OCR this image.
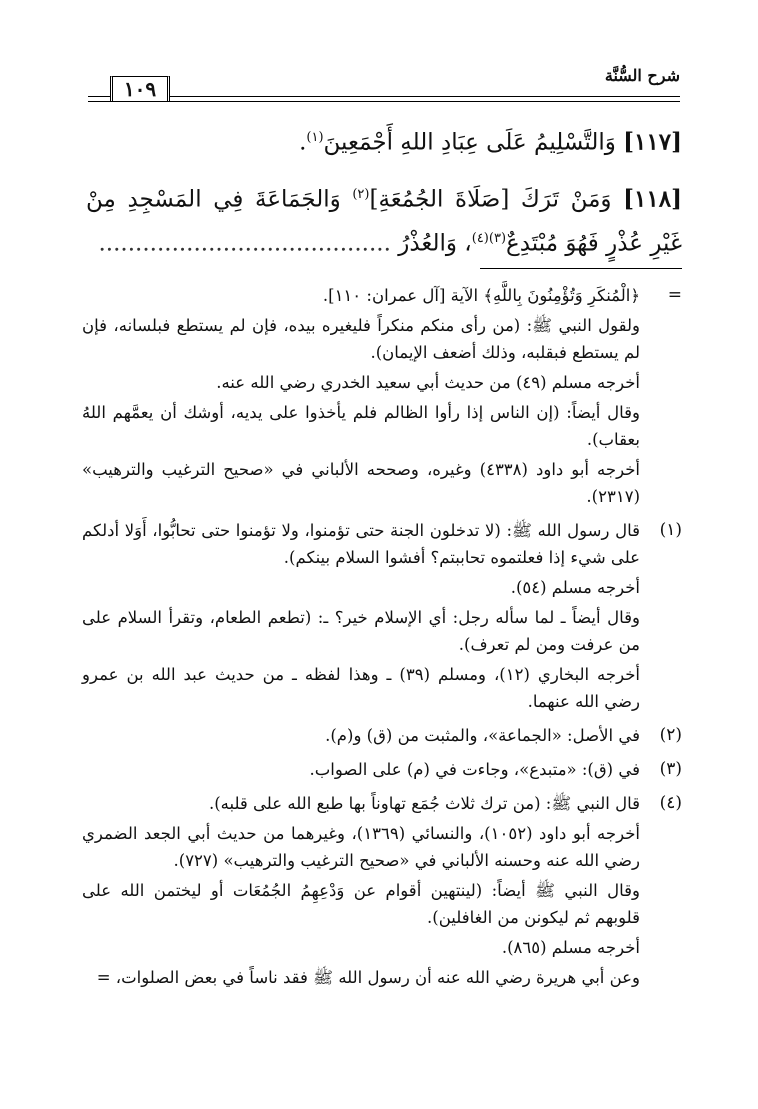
شرح السُّنَّة
١٠٩

[١١٧] وَالتَّسْلِيمُ عَلَى عِبَادِ اللهِ أَجْمَعِينَ$^{(١)}$.

[١١٨] وَمَنْ تَرَكَ [صَلَاةَ الجُمُعَةِ]$^{(٢)}$ وَالجَمَاعَةَ فِي المَسْجِدِ مِنْ غَيْرِ عُذْرٍ فَهُوَ مُبْتَدِعٌ$^{(٣)(٤)}$، وَالعُذْرُ ........................................

=

﴿الْمُنكَرِ وَتُؤْمِنُونَ بِاللَّهِ﴾ الآية [آل عمران: ١١٠].

ولقول النبي ﷺ: (من رأى منكم منكراً فليغيره بيده، فإن لم يستطع فبلسانه، فإن لم يستطع فبقلبه، وذلك أضعف الإيمان).

أخرجه مسلم (٤٩) من حديث أبي سعيد الخدري رضي الله عنه.

وقال أيضاً: (إن الناس إذا رأوا الظالم فلم يأخذوا على يديه، أوشك أن يعمَّهم اللهُ بعقاب).

أخرجه أبو داود (٤٣٣٨) وغيره، وصححه الألباني في «صحيح الترغيب والترهيب» (٢٣١٧).

(١)

قال رسول الله ﷺ: (لا تدخلون الجنة حتى تؤمنوا، ولا تؤمنوا حتى تحابُّوا، أَوَلا أدلكم على شيء إذا فعلتموه تحاببتم؟ أفشوا السلام بينكم).

أخرجه مسلم (٥٤).

وقال أيضاً ـ لما سأله رجل: أي الإسلام خير؟ ـ: (تطعم الطعام، وتقرأ السلام على من عرفت ومن لم تعرف).

أخرجه البخاري (١٢)، ومسلم (٣٩) ـ وهذا لفظه ـ من حديث عبد الله بن عمرو رضي الله عنهما.

(٢)

في الأصل: «الجماعة»، والمثبت من (ق) و(م).

(٣)

في (ق): «متبدع»، وجاءت في (م) على الصواب.

(٤)

قال النبي ﷺ: (من ترك ثلاث جُمَع تهاوناً بها طبع الله على قلبه).

أخرجه أبو داود (١٠٥٢)، والنسائي (١٣٦٩)، وغيرهما من حديث أبي الجعد الضمري رضي الله عنه وحسنه الألباني في «صحيح الترغيب والترهيب» (٧٢٧).

وقال النبي ﷺ أيضاً: (لينتهين أقوام عن وَدْعِهِمُ الجُمُعَات أو ليختمن الله على قلوبهم ثم ليكونن من الغافلين).

أخرجه مسلم (٨٦٥).

وعن أبي هريرة رضي الله عنه أن رسول الله ﷺ فقد ناساً في بعض الصلوات، =
